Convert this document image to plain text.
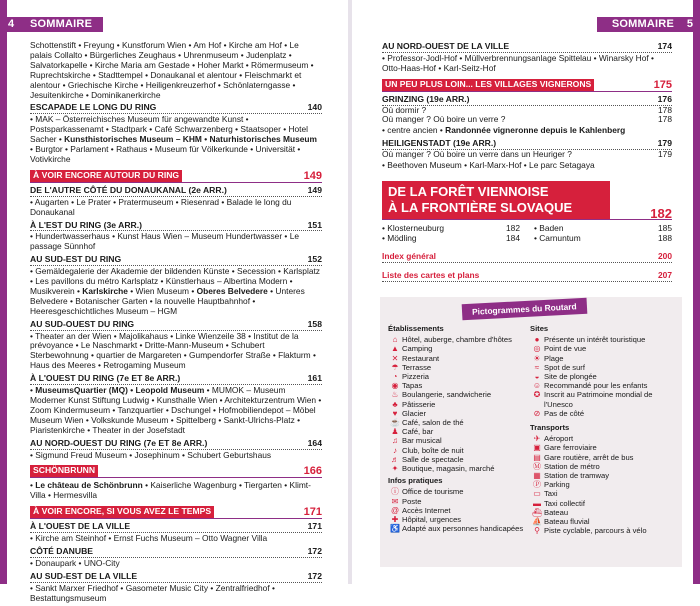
4 SOMMAIRE

Schottenstift • Freyung • Kunstforum Wien • Am Hof • Kirche am Hof • Le palais Collalto • Bürgerliches Zeughaus • Uhrenmuseum • Judenplatz • Salvatorkapelle • Kirche Maria am Gestade • Hoher Markt • Römermuseum • Ruprechtskirche • Stadttempel • Donaukanal et alentour • Fleischmarkt et alentour • Griechische Kirche • Heiligenkreuzerhof • Schönlaterngasse • Jesuitenkirche • Dominikanerkirche

ESCAPADE LE LONG DU RING	140

• MAK – Österreichisches Museum für angewandte Kunst • Postsparkassenamt • Stadtpark • Café Schwarzenberg • Staatsoper • Hotel Sacher • Kunsthistorisches Museum – KHM • Naturhistorisches Museum • Burgtor • Parlament • Rathaus • Museum für Völkerkunde • Universität • Votivkirche

À VOIR ENCORE AUTOUR DU RING	149
DE L'AUTRE CÔTÉ DU DONAUKANAL (2e ARR.)	149

• Augarten • Le Prater • Pratermuseum • Riesenrad • Balade le long du Donaukanal

À L'EST DU RING (3e ARR.)	151

• Hundertwasserhaus • Kunst Haus Wien – Museum Hundertwasser • Le passage Sünnhof

AU SUD-EST DU RING	152

• Gemäldegalerie der Akademie der bildenden Künste • Secession • Karlsplatz • Les pavillons du métro Karlsplatz • Künstlerhaus – Albertina Modern • Musikverein • Karlskirche • Wien Museum • Oberes Belvedere • Unteres Belvedere • Botanischer Garten • la nouvelle Hauptbahnhof • Heeresgeschichtliches Museum – HGM

AU SUD-OUEST DU RING	158

• Theater an der Wien • Majolikahaus • Linke Wienzeile 38 • Institut de la prévoyance • Le Naschmarkt • Dritte-Mann-Museum • Schubert Sterbewohnung • quartier de Margareten • Gumpendorfer Straße • Flakturm • Haus des Meeres • Retrogaming Museum

À L'OUEST DU RING (7e ET 8e ARR.)	161

• MuseumsQuartier (MQ) • Leopold Museum • MUMOK – Museum Moderner Kunst Stiftung Ludwig • Kunsthalle Wien • Architekturzentrum Wien • Zoom Kindermuseum • Tanzquartier • Dschungel • Hofmobiliendepot – Möbel Museum Wien • Volkskunde Museum • Spittelberg • Sankt-Ulrichs-Platz • Piaristenkirche • Theater in der Josefstadt

AU NORD-OUEST DU RING (7e ET 8e ARR.)	164

• Sigmund Freud Museum • Josephinum • Schubert Geburtshaus

SCHÖNBRUNN	166

• Le château de Schönbrunn • Kaiserliche Wagenburg • Tiergarten • Klimt-Villa • Hermesvilla

À VOIR ENCORE, SI VOUS AVEZ LE TEMPS	171
À L'OUEST DE LA VILLE	171

• Kirche am Steinhof • Ernst Fuchs Museum – Otto Wagner Villa

CÔTÉ DANUBE	172

• Donaupark • UNO-City

AU SUD-EST DE LA VILLE	172

• Sankt Marxer Friedhof • Gasometer Music City • Zentralfriedhof • Bestattungsmuseum

SOMMAIRE 5
AU NORD-OUEST DE LA VILLE	174

• Professor-Jodl-Hof • Müllverbrennungsanlage Spittelau • Winarsky Hof • Otto-Haas-Hof • Karl-Seitz-Hof

UN PEU PLUS LOIN... LES VILLAGES VIGNERONS	175
GRINZING (19e ARR.)	176
Où dormir ?	178
Où manger ? Où boire un verre ?	178

• centre ancien • Randonnée vigneronne depuis le Kahlenberg

HEILIGENSTADT (19e ARR.)	179
Où manger ? Où boire un verre dans un Heuriger ?	179

• Beethoven Museum • Karl-Marx-Hof • Le parc Setagaya

DE LA FORÊT VIENNOISE
À LA FRONTIÈRE SLOVAQUE	182
• Klosterneuburg	182
• Mödling	184
• Baden	185
• Carnuntum	188
Index général	200
Liste des cartes et plans	207
Pictogrammes du Routard
Établissements
⌂ Hôtel, auberge, chambre d'hôtes
▲ Camping
✕ Restaurant
☂ Terrasse
◔ Pizzeria
◉ Tapas
♨ Boulangerie, sandwicherie
♣ Pâtisserie
♥ Glacier
☕ Café, salon de thé
♟ Café, bar
♫ Bar musical
♪ Club, boîte de nuit
♬ Salle de spectacle
✦ Boutique, magasin, marché
Infos pratiques
ⓘ Office de tourisme
✉ Poste
@ Accès Internet
✚ Hôpital, urgences
♿ Adapté aux personnes handicapées
Sites
● Présente un intérêt touristique
◎ Point de vue
☀ Plage
≈ Spot de surf
◒ Site de plongée
☺ Recommandé pour les enfants
✪ Inscrit au Patrimoine mondial de l'Unesco
⊘ Pas de côté
Transports
✈ Aéroport
▣ Gare ferroviaire
▤ Gare routière, arrêt de bus
Ⓜ Station de métro
▦ Station de tramway
Ⓟ Parking
▭ Taxi
▬ Taxi collectif
⛴ Bateau
⛵ Bateau fluvial
⚲ Piste cyclable, parcours à vélo
